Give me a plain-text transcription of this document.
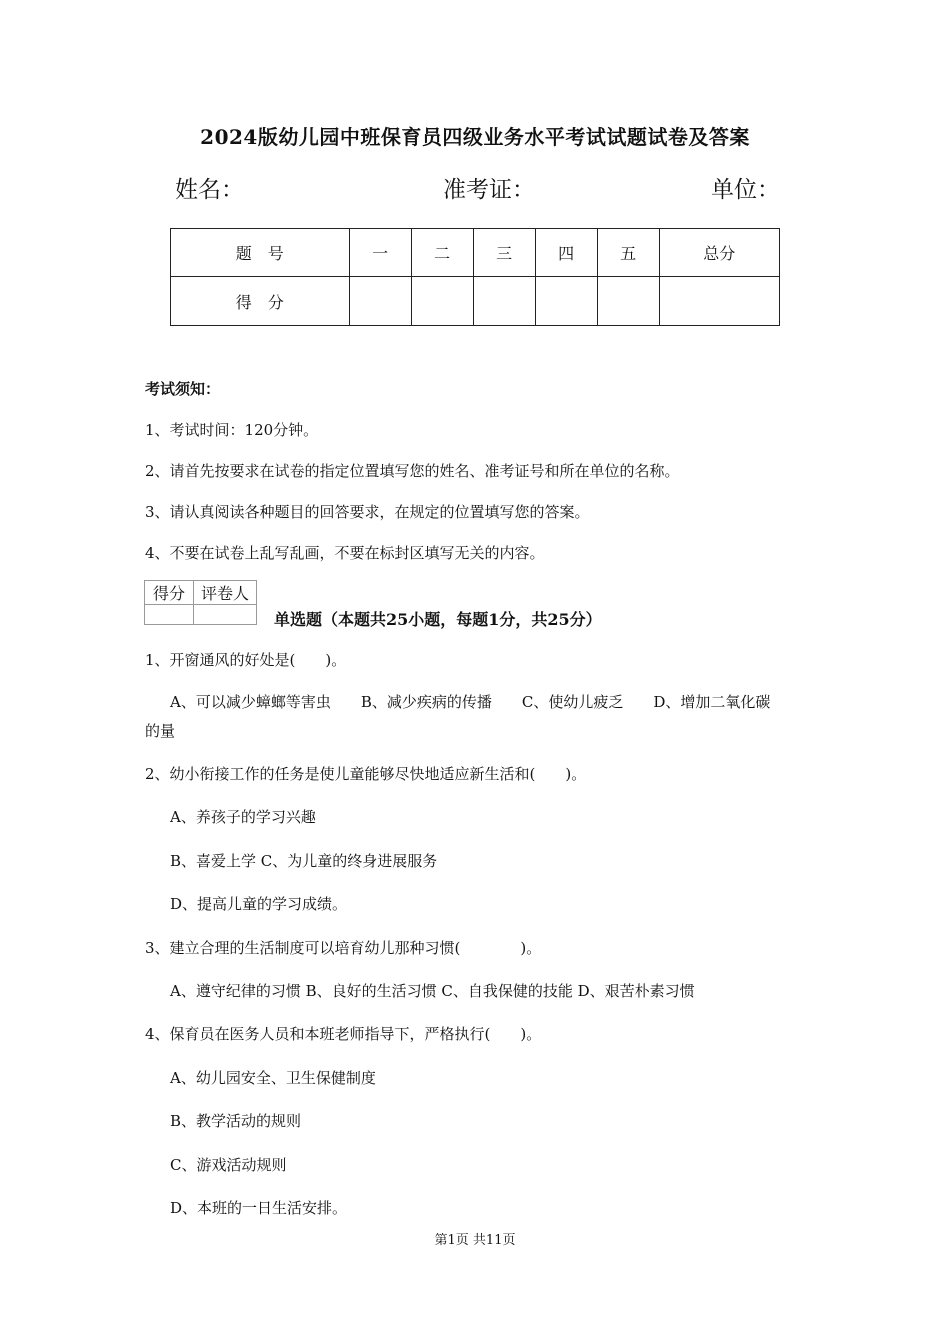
2024版幼儿园中班保育员四级业务水平考试试题试卷及答案
姓名：	准考证：	单位：
题　号	一	二	三	四	五	总分
得　分						
考试须知：
1、考试时间：120分钟。
2、请首先按要求在试卷的指定位置填写您的姓名、准考证号和所在单位的名称。
3、请认真阅读各种题目的回答要求，在规定的位置填写您的答案。
4、不要在试卷上乱写乱画，不要在标封区填写无关的内容。
得分	评卷人

单选题（本题共25小题，每题1分，共25分）
1、开窗通风的好处是(　　)。
A、可以减少蟑螂等害虫　　B、减少疾病的传播　　C、使幼儿疲乏　　D、增加二氧化碳
的量
2、幼小衔接工作的任务是使儿童能够尽快地适应新生活和(　　)。
A、养孩子的学习兴趣
B、喜爱上学 C、为儿童的终身进展服务
D、提高儿童的学习成绩。
3、建立合理的生活制度可以培育幼儿那种习惯(　　　　)。
A、遵守纪律的习惯 B、良好的生活习惯 C、自我保健的技能 D、艰苦朴素习惯
4、保育员在医务人员和本班老师指导下，严格执行(　　)。
A、幼儿园安全、卫生保健制度
B、教学活动的规则
C、游戏活动规则
D、本班的一日生活安排。
第1页 共11页
